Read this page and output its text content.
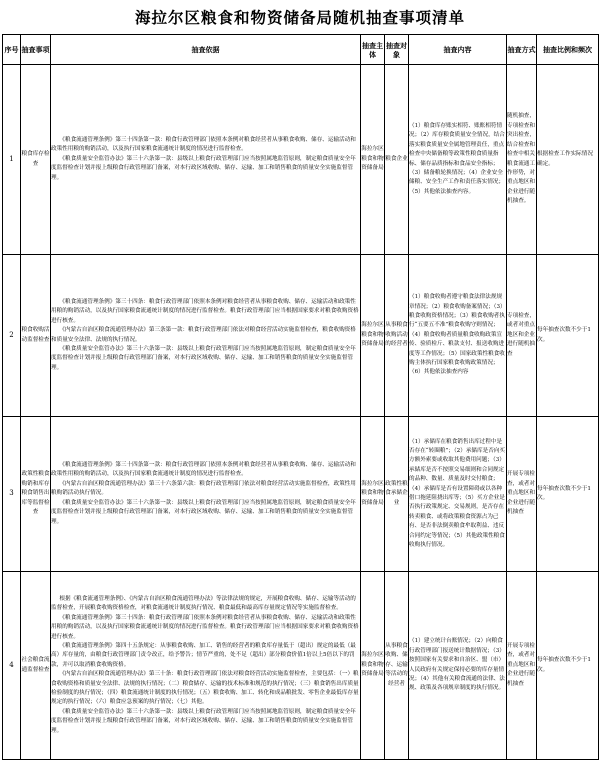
海拉尔区粮食和物资储备局随机抽查事项清单
序号	抽查事项	抽查依据	抽查主体	抽查对象	抽查内容	抽查方式	抽查比例和频次
1	粮食库存检查	《粮食流通管理条例》第三十四条第一款：粮食行政管理部门依照本条例对粮食经营者从事粮食收购、储存、运输活动和政策性用粮的购销活动，以及执行国家粮食流通统计制度的情况进行监督检查。
《粮食质量安全监管办法》第三十六条第一款：县级以上粮食行政管理部门应当按照属地监管原则，制定粮食质量安全年度监督检查计划并报上级粮食行政管理部门备案，对本行政区域收购、储存、运输、加工和销售粮食的质量安全实施监督管理。	海拉尔区粮食和物资储备局	粮食企业	（1）粮食库存账实相符、账账相符情况；（2）库存粮食质量安全情况，结合落实粮食质量安全属地管理责任，重点检查中央储备粮等政策性粮食质量指标、储存品质指标和食品安全指标；（3）储备粮轮换情况；（4）企业安全储粮、安全生产工作和责任落实情况；（5）其他依法抽查内容。	随机抽查，专项检查和突出检查，结合检查和检查中相关粮食流通工作形势，对重点地区和企业进行随机抽查。	根据检查工作实际情况确定。
2	粮食收购活动监督检查	《粮食流通管理条例》第三十四条：粮食行政管理部门依照本条例对粮食经营者从事粮食收购、储存、运输活动和政策性用粮的购销活动，以及执行国家粮食流通统计制度的情况进行监督检查。粮食行政管理部门应当根据国家要求对粮食收购资格进行核查。
《内蒙古自治区粮食流通管理办法》第三条第一款：粮食行政管理部门依法对粮食经营活动实施监督检查，粮食收购资格和质量安全法律、法规的执行情况。
《粮食质量安全监管办法》第三十六条第一款：县级以上粮食行政管理部门应当按照属地监管原则，制定粮食质量安全年度监督检查计划并报上级粮食行政管理部门备案，对本行政区域收购、储存、运输、加工和销售粮食的质量安全实施监督管理。	海拉尔区粮食和物资储备局	从事粮食收购活动的经营者	（1）粮食收购者遵守粮食法律法规规章情况；（2）粮食收购备案情况；（3）粮食收购资格情况；（3）粮食收购者执行“五要五不准”粮食收购守则情况；（4）粮食收购者质量粮食收购政策宣传、验质检斤、粮款支付、报送收购进度等工作情况；（5）国家政策性粮食收购主体执行国家粮食收购政策情况；（6）其他依法抽查内容	专项检查，或者对重点地区和企业进行随机抽查	每年抽查次数不少于1次。
3	政策性粮食购销和库存粮食销售出库等监督检查	《粮食流通管理条例》第三十四条第一款：粮食行政管理部门依照本条例对粮食经营者从事粮食收购、储存、运输活动和政策性用粮的购销活动，以及执行国家粮食流通统计制度的情况进行监督检查。
《内蒙古自治区粮食流通管理办法》第三十六条第六款：粮食行政管理部门依法对粮食经营活动实施监督检查，政策性用粮购销活动执行情况。
《粮食质量安全监管办法》第三十六条第一款：县级以上粮食行政管理部门应当按照属地监管原则，制定粮食质量安全年度监督检查计划并报上级粮食行政管理部门备案，对本行政区域收购、储存、运输、加工和销售粮食的质量安全实施监督管理。	海拉尔区粮食和物资储备局	政策性粮食承储企业	（1）承储库在粮食销售出库过程中是否存在“转圈粮”；（2）承储库是否向买方额外索要或收取其他费用问题；（3）承储库是否不按照交易细则和合同规定的品种、数量、质量及时交付粮食；（4）承储库是否有设置障碍或以各种借口拖延阻挠出库等；（5）买方企业是否执行政策规定、交易规则，是否存在转卖粮食、或将政策粮食资源占为己有、是否非法倒卖粮食牟取利益、违反合同约定等情况；（5）其他政策性粮食收购执行情况。	开展专项检查，或者对重点地区和企业进行随机抽查	每年抽查次数不少于1次。
4	社会粮食流通监督检查	根据《粮食流通管理条例》、《内蒙古自治区粮食流通管理办法》等法律法规的规定，开展粮食收购、储存、运输等活动的监督检查，开展粮食收购资格检查，对粮食流通统计制度执行情况、粮食最低和最高库存量规定情况等实施监督检查。
《粮食流通管理条例》第三十四条：粮食行政管理部门依照本条例对粮食经营者从事粮食收购、储存、运输活动和政策性用粮的购销活动，以及执行国家粮食流通统计制度的情况进行监督检查。粮食行政管理部门应当根据国家要求对粮食收购资格进行核查。
《粮食流通管理条例》第四十五条规定：从事粮食收购、加工、销售的经营者的粮食库存量低于（超出）规定的最低（最高）库存量的，由粮食行政管理部门责令改正，给予警告；情节严重的，处不足（超出）部分粮食价值1倍以上5倍以下的罚款，并可以取消粮食收购资格。
《内蒙古自治区粮食流通管理办法》第三十条：粮食行政管理部门依法对粮食经营活动实施监督检查，主要包括：（一）粮食收购资格和质量安全法律、法规的执行情况；（二）粮食储存、运输的技术标准和规范的执行情况；（三）粮食销售出库质量检验制度的执行情况；（四）粮食流通统计制度的执行情况；（五）粮食收购、加工、转化和成品粮批发、零售企业最低库存量规定的执行情况；（六）粮食应急预案的执行情况；（七）其他。
《粮食质量安全监管办法》第三十六条第一款：县级以上粮食行政管理部门应当按照属地监管原则，制定粮食质量安全年度监督检查计划并报上级粮食行政管理部门备案，对本行政区域收购、储存、运输、加工和销售粮食的质量安全实施监督管理。	海拉尔区粮食和物资储备局	从事粮食收购、储存、运输等活动的经营者	（1）建立统计台账情况；（2）向粮食行政管理部门报送统计数据情况；（3）按照国家有关要求和自治区、盟（市）人民政府有关规定保持必要的库存量情况；（4）其他有关粮食流通的法律、法规、政策及各项规章制度的执行情况。	开展专项检查，或者对重点地区和企业进行随机抽查	每年抽查次数不少于1次。
